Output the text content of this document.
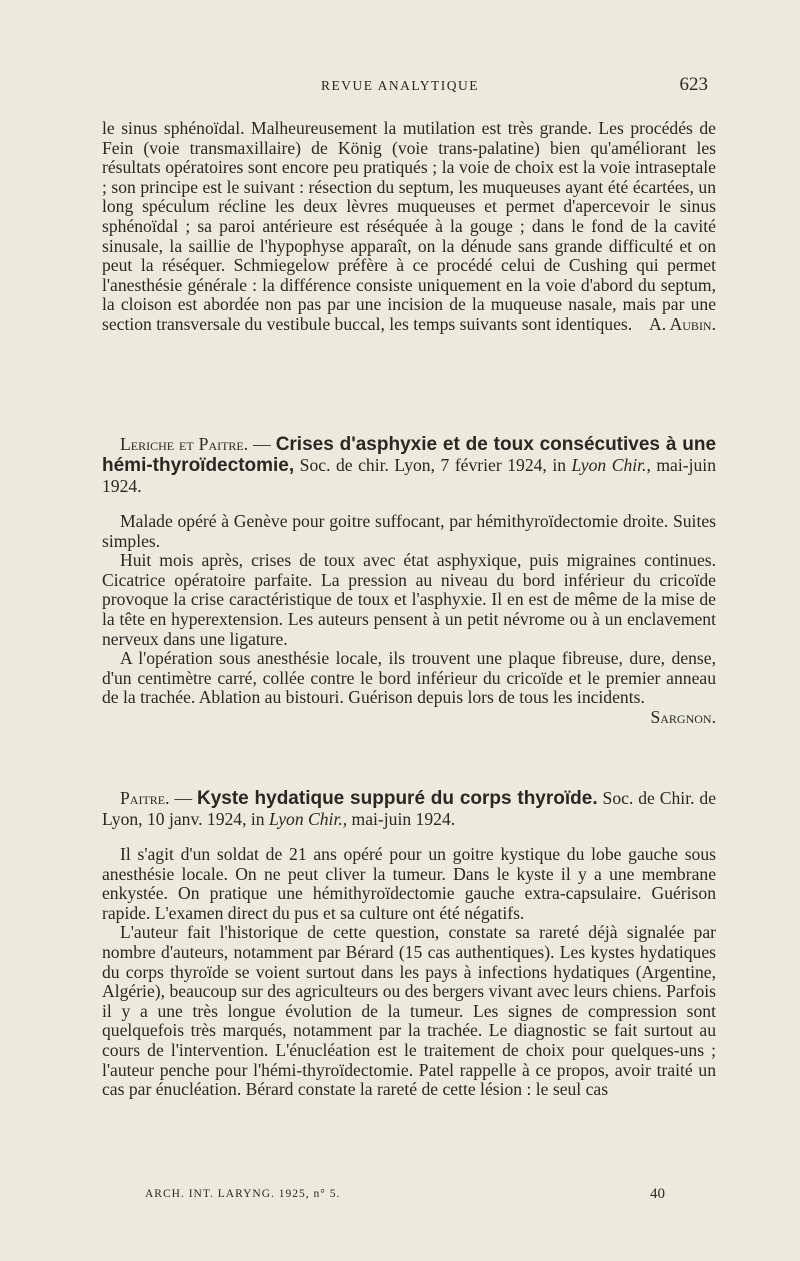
REVUE ANALYTIQUE	623

le sinus sphénoïdal. Malheureusement la mutilation est très grande. Les procédés de Fein (voie transmaxillaire) de König (voie trans-palatine) bien qu'améliorant les résultats opératoires sont encore peu pratiqués ; la voie de choix est la voie intraseptale ; son principe est le suivant : résection du septum, les muqueuses ayant été écartées, un long spéculum récline les deux lèvres muqueuses et permet d'apercevoir le sinus sphénoïdal ; sa paroi antérieure est réséquée à la gouge ; dans le fond de la cavité sinusale, la saillie de l'hypophyse apparaît, on la dénude sans grande difficulté et on peut la réséquer. Schmiegelow préfère à ce procédé celui de Cushing qui permet l'anesthésie générale : la différence consiste uniquement en la voie d'abord du septum, la cloison est abordée non pas par une incision de la muqueuse nasale, mais par une section transversale du vestibule buccal, les temps suivants sont identiques. A. Aubin.

Leriche et Paitre. — Crises d'asphyxie et de toux consécutives à une hémi-thyroïdectomie, Soc. de chir. Lyon, 7 février 1924, in Lyon Chir., mai-juin 1924.

Malade opéré à Genève pour goitre suffocant, par hémithyroïdectomie droite. Suites simples.

Huit mois après, crises de toux avec état asphyxique, puis migraines continues. Cicatrice opératoire parfaite. La pression au niveau du bord inférieur du cricoïde provoque la crise caractéristique de toux et l'asphyxie. Il en est de même de la mise de la tête en hyperextension. Les auteurs pensent à un petit névrome ou à un enclavement nerveux dans une ligature.

A l'opération sous anesthésie locale, ils trouvent une plaque fibreuse, dure, dense, d'un centimètre carré, collée contre le bord inférieur du cricoïde et le premier anneau de la trachée. Ablation au bistouri. Guérison depuis lors de tous les incidents.
Sargnon.

Paitre. — Kyste hydatique suppuré du corps thyroïde. Soc. de Chir. de Lyon, 10 janv. 1924, in Lyon Chir., mai-juin 1924.

Il s'agit d'un soldat de 21 ans opéré pour un goitre kystique du lobe gauche sous anesthésie locale. On ne peut cliver la tumeur. Dans le kyste il y a une membrane enkystée. On pratique une hémithyroïdectomie gauche extra-capsulaire. Guérison rapide. L'examen direct du pus et sa culture ont été négatifs.

L'auteur fait l'historique de cette question, constate sa rareté déjà signalée par nombre d'auteurs, notamment par Bérard (15 cas authentiques). Les kystes hydatiques du corps thyroïde se voient surtout dans les pays à infections hydatiques (Argentine, Algérie), beaucoup sur des agriculteurs ou des bergers vivant avec leurs chiens. Parfois il y a une très longue évolution de la tumeur. Les signes de compression sont quelquefois très marqués, notamment par la trachée. Le diagnostic se fait surtout au cours de l'intervention. L'énucléation est le traitement de choix pour quelques-uns ; l'auteur penche pour l'hémi-thyroïdectomie. Patel rappelle à ce propos, avoir traité un cas par énucléation. Bérard constate la rareté de cette lésion : le seul cas

ARCH. INT. LARYNG. 1925, n° 5.	40
